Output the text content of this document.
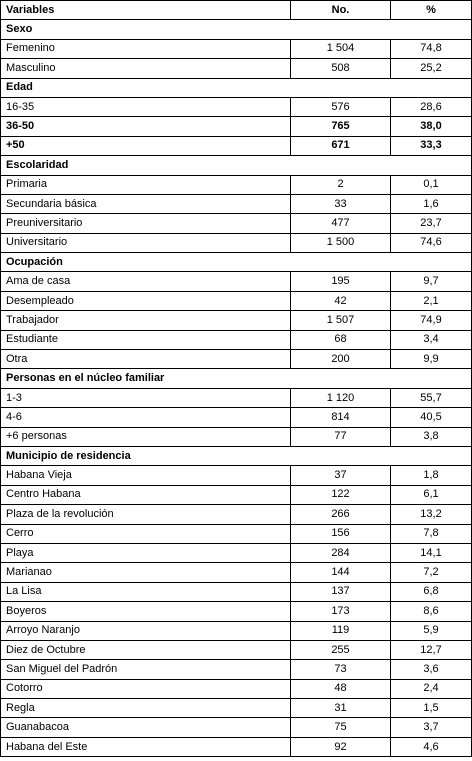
Variables	No.	%
Sexo		
Femenino	1 504	74,8
Masculino	508	25,2
Edad		
16-35	576	28,6
36-50	765	38,0
+50	671	33,3
Escolaridad		
Primaria	2	0,1
Secundaria básica	33	1,6
Preuniversitario	477	23,7
Universitario	1 500	74,6
Ocupación		
Ama de casa	195	9,7
Desempleado	42	2,1
Trabajador	1 507	74,9
Estudiante	68	3,4
Otra	200	9,9
Personas en el núcleo familiar		
1-3	1 120	55,7
4-6	814	40,5
+6 personas	77	3,8
Municipio de residencia		
Habana Vieja	37	1,8
Centro Habana	122	6,1
Plaza de la revolución	266	13,2
Cerro	156	7,8
Playa	284	14,1
Marianao	144	7,2
La Lisa	137	6,8
Boyeros	173	8,6
Arroyo Naranjo	119	5,9
Diez de Octubre	255	12,7
San Miguel del Padrón	73	3,6
Cotorro	48	2,4
Regla	31	1,5
Guanabacoa	75	3,7
Habana del Este	92	4,6
